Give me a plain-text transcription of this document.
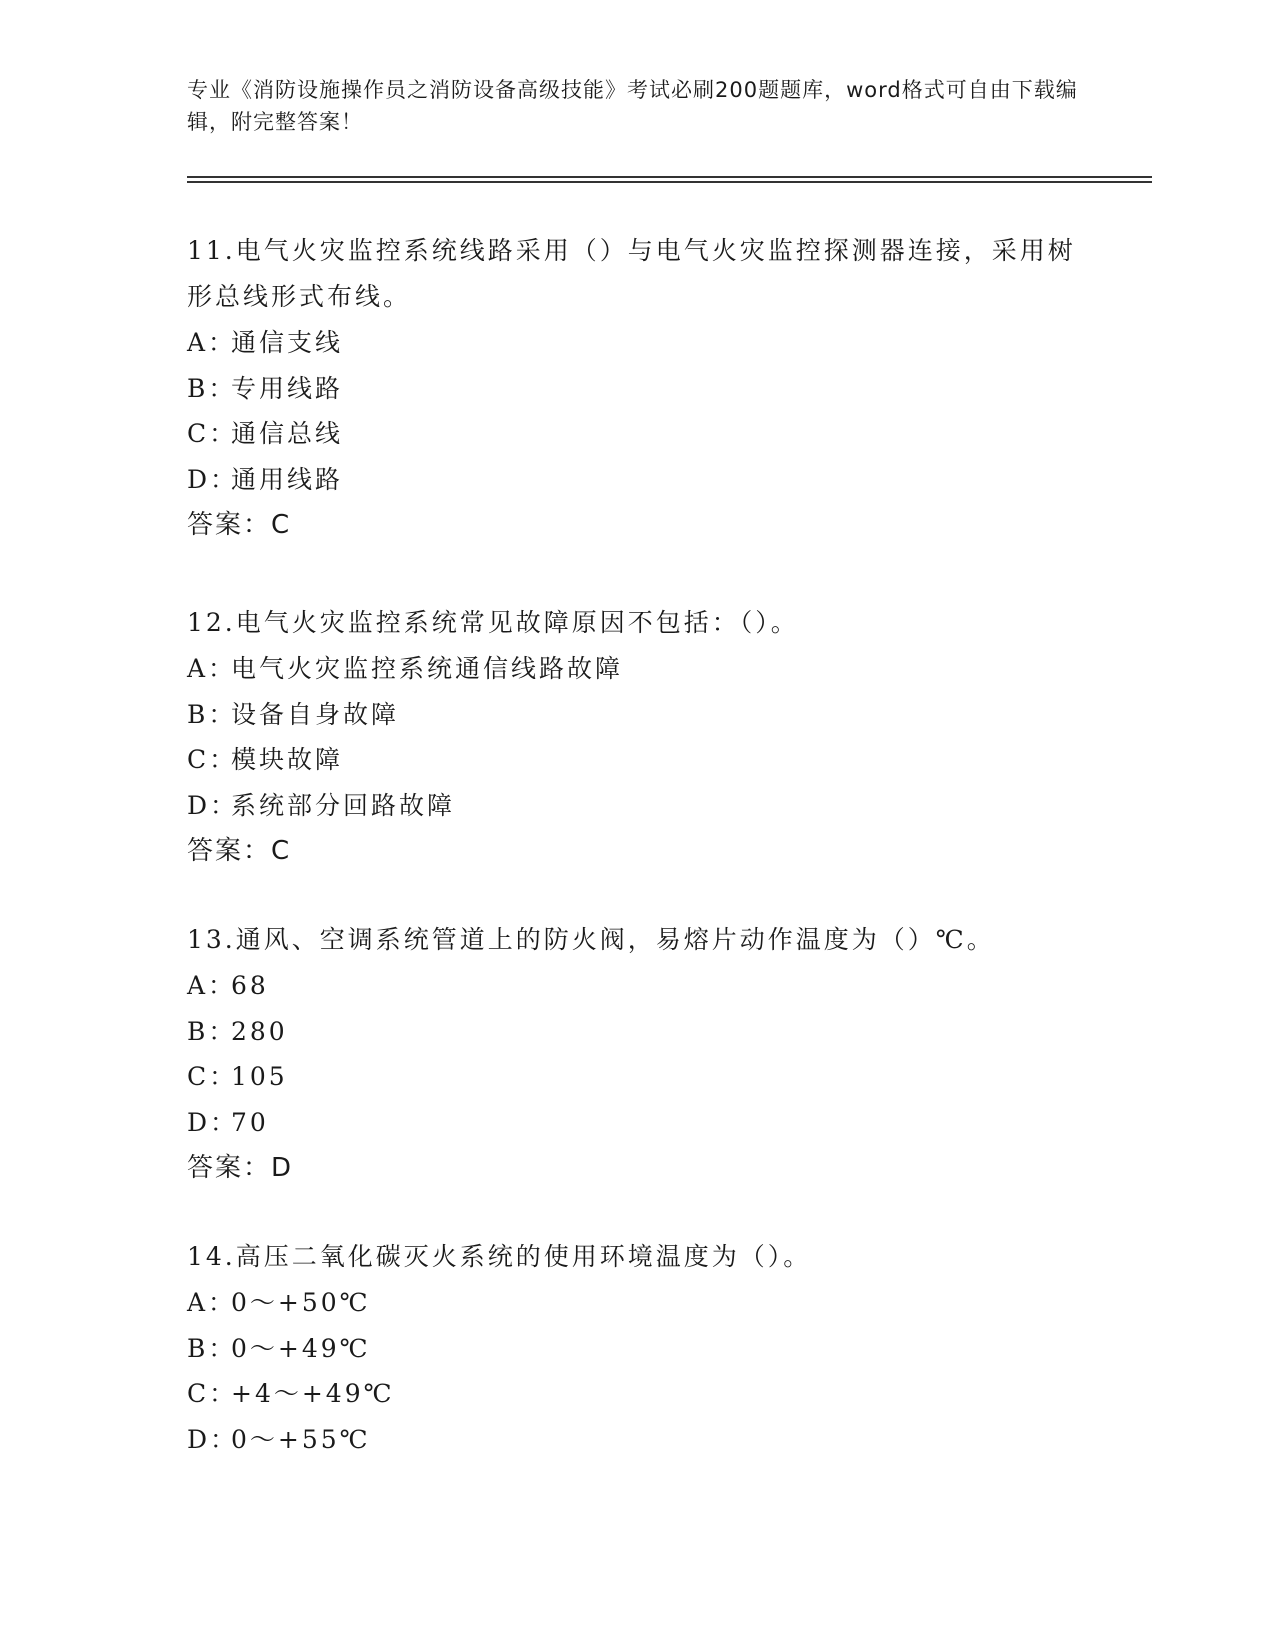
专业《消防设施操作员之消防设备高级技能》考试必刷200题题库，word格式可自由下载编辑，附完整答案！

11.电气火灾监控系统线路采用（）与电气火灾监控探测器连接，采用树形总线形式布线。

A：通信支线

B：专用线路

C：通信总线

D：通用线路

答案：C

12.电气火灾监控系统常见故障原因不包括：（）。

A：电气火灾监控系统通信线路故障

B：设备自身故障

C：模块故障

D：系统部分回路故障

答案：C

13.通风、空调系统管道上的防火阀，易熔片动作温度为（）℃。

A：68

B：280

C：105

D：70

答案：D

14.高压二氧化碳灭火系统的使用环境温度为（）。

A：0～+50℃

B：0～+49℃

C：+4～+49℃

D：0～+55℃
